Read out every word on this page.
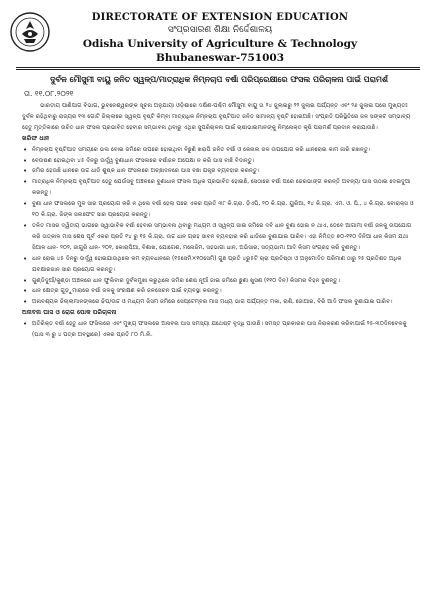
DIRECTORATE OF EXTENSION EDUCATION
ସଂପ୍ରସାରଣ ଶିକ୍ଷା ନିର୍ଦ୍ଦେଶାଳୟ
Odisha University of Agriculture & Technology
Bhubaneswar-751003
ଦୁର୍ବଳ ମୌସୁମୀ ବାୟୁ ଜନିତ ସ୍ୱଳ୍ପ/ମାତ୍ରାଧିକ ନିମ୍ନଚାପ ବର୍ଷା ପରିପ୍ରେକ୍ଷୀରେ ଫସଲ ପରିଚାଳନା ପାଇଁ ପରାମର୍ଶ
ତା. ୧୧.୦୮.୨୦୨୧

ଭାରତୀୟ ପାଣିପାଗ ବିଭାଗ, ଭୁବନେଶ୍ୱରଙ୍କ ସୂଚନା ଅନୁଯାୟୀ ଓଡ଼ିଶାରେ ଦକ୍ଷିଣ-ପଶ୍ଚିମ ମୌସୁମୀ ବାୟୁ ତା ୨୪ ଜୁଲାଇରୁ ୨୨ ଜୁଲାଇ ପର୍ଯ୍ୟନ୍ତ ଏବଂ ୨୬ ଜୁଲାଇ ପରେ ମୁଖ୍ୟତଃ ଦୁର୍ବଳ ରହିଥିବାରୁ ରାଜ୍ୟର ୧୩ ଗୋଟି ଜିଲ୍ଲାରେ ସ୍ୱଳ୍ପ ବୃଷ୍ଟି କିମ୍ବା ମାତ୍ରାଧିକ ନିମ୍ନଚାପ ବୃଷ୍ଟିପାତ ଜନିତ ସାମାନ୍ୟ ବୃଷ୍ଟି ହୋଇଅଛି। ସଂପ୍ରତି ପରିସ୍ଥିତିରେ ଜଳ ସଙ୍କଟ ସମ୍ଭାବ୍ୟ ହେତୁ ମୃତ୍ତିକାରେ ଉଚିତ ଧାନ ଫସଲ ପ୍ରଭାବିତ ହେବାର ସମ୍ଭାବନା ଥିବାରୁ ଏଥିର ସୁପରିଚାଳନା ପାଇଁ ଚାଷୀଭାଇମାନଙ୍କୁ ନିମ୍ନୋକ୍ତ କୃଷି ପରାମର୍ଶ ପ୍ରଦାନ କରାଯାଉଛି।

ଖରିଫ ଧାନ

• ନିମ୍ନଚାପ ବୃଷ୍ଟିପାତ ସମୟରେ ଭଲ ବୋଇ ଜମିରେ ଉପରେ ହୋଇଥିବା ବିଛୁଣି ଖରାପି ଜନିତ ବର୍ଷା ଓ କେନାଲ ଜଳ ଉପଯୋଗ କରି ଧାନରୋଇ କାମ ଜାରି ରଖନ୍ତୁ।

• ବେଉଷଣ ହୋଇଥିବା ୪୫ ଦିନରୁ ଊର୍ଦ୍ଧ୍ୱ ବୁଣାଧାନ ଫସଲରେ ବର୍ଷାଜଳ ଅପେକ୍ଷା ନ କରି ଘାସ ବାଛି ବିଦାନ୍ତୁ।

• ଜମିର ହେଉଛି ଧାନରେ ଉଚ୍ଚ ଧାଡି ଶୁଷ୍କ ଧାନ ଫସଲରେ ଅଚ୍ଛାଦନରେ ଘାସ ବଛା ଯନ୍ତ୍ର ବ୍ୟବହାର କରନ୍ତୁ।

• ମାତ୍ରାଧିକ ନିମ୍ନଚାପ ବୃଷ୍ଟିପାତ ହେତୁ ଯେଉଁସବୁ ଅଞ୍ଚଳରେ ବୁଣାଧାନ ଫସଲ ଅଧିକ ପ୍ରଭାବିତ ହୋଇଛି, ସେଠାରେ ବର୍ଷା ପରେ ଜେରଭାଙ୍ଗ କରନ୍ତି ଅବନ୍ୟା ଘାସ ଉଠାଇ ଦେଇଦୁଆ କରନ୍ତୁ।

• ବୁଣା ଧାନ ଫସଲରେ ମୁଳ ସାର ପ୍ରୟୋଗ କରି ନ ଥିଲେ ବର୍ଷା ହେଲା ପରେ ଏକର ପ୍ରତି ୩୮ କି.ଗ୍ରା. ଡ଼ିଏପି, ୨୦ କି.ଗ୍ରା. ୟୁରିଆ, ୧୪ କି.ଗ୍ରା. ଏମ. ଓ. ପି., ୪ କି.ଗ୍ରା. ବୋରାକ୍ସ ଓ ୧୦ କି.ଗ୍ରା. ଜିଙ୍କ ସଲଫେଟ ସାର ପ୍ରୟୋଗ କରନ୍ତୁ।

• ତଳିତ ମାସର ଦ୍ୱିତୀୟ ଭାଗରେ ସ୍ୱାଭାବିକ ବର୍ଷା ହେବାର ସମ୍ଭାବନା ଥିବାରୁ ମଧ୍ୟମ ଓ ସ୍ୱଳ୍ପ ଜାଇ ଜମିରେ ଦବି ଧାନ ବୁଣା ହୋଇ ନ ଥାଏ, ତେବେ ଆଗାମୀ ବର୍ଷା ଜଳକୁ ଉପଯୋଗ କରି ତାତ୍କାଳ ମାସ ଶେଷ ପୂର୍ବ ଏକର ପ୍ରତି ୧୪ ରୁ ୧୫ କି.ଗ୍ରା. ଉଚ୍ଚ ଧାନ ଗ୍ରହ ସାବନ ବ୍ୟବହାର କରି ଧାଡିରେ ବୁଣାଯାଇ ପାରିବ। ଏହା ନିମିତ୍ତ ୭୦-୧୧୦ ଦିନିଆ ଧାନ କିସମ ଯଥା ସିଆଳ ଧାନ- ୨୦୨, ଜାଗୁରି ଧାନ- ୨୦୧, କୋରାପିଆ, ବିଶାଖ, ଯୋଗେଶ, ମନୋଜିମ, ସହଭାଗୀ ଧାନ, ଅଭିସାର, ସତ୍ୟଭାମା ଆଦି କିସମ ସଂଗ୍ରହ କରି ବୁଣନ୍ତୁ।

• ଧାନ ରୋଇ ୪୫ ଦିନରୁ ଊର୍ଦ୍ଧ୍ୱ ହୋଇଯାଉଥିଲେ କମ ବ୍ୟବଧାନରେ (୧୫ସେମି×୧୦ସେମି) ଗୁଛ ପ୍ରତି ୪ରୁ୫ଟି ଚାରା ପ୍ରତିଷ୍ଠା ଓ ଅନୁମୋଦିତ ପରିମାଣ ଠାରୁ ୨୫ ପ୍ରତିଶତ ଅଧିକ ଯବକ୍ଷାରଜାନ ସାର ପ୍ରୟୋଗ କରନ୍ତୁ।

• ଗୁଣ୍ଡିଦୁଆଁ/କୁଣ୍ଡା ଅଞ୍ଚଳରେ ଧାନ ଫୁଲିବାର ଦୁର୍ବଳମୁଖୀ କରୁଥିଲେ ଜମିର ଶେଷ ନୂଆଁ ଜାଇ ଜମିରେ ଛୁଣା ଖୁସଣ (୧୧୦ ଦିନ) କିସମର ବିହନ ବୁଣନ୍ତୁ।

• ଧାନ କ୍ଷେତ୍ର ଗୁଡ଼ୁମାରାରେ ବର୍ଷା ଜଳକୁ ସଂରକ୍ଷଣ କରି ଜଳସେଚନ ପାଇଁ ବ୍ୟବସ୍ଥା କରନ୍ତୁ।

• ଅନାବଶ୍ୟକ ଜିଲ୍ଲାମାନଙ୍କରେ ଢିପ/ଉଚ୍ଚ ଓ ମଧ୍ୟମ ଜିସମ ଜମିରେ ସେପ୍ଟେମ୍ବର ମାସ ମଧ୍ୟ ଭାଗ ପର୍ଯ୍ୟନ୍ତ ମକା, ରାଶି, ଜୋଆର, ବିରି ଆଦି ଫସଲ ବୁଣାଯାଇ ପାରିବ।

ଅନାବନା ଘାସ ଓ ରୋଗ ପୋକ ପରିଚାଳନା

• ଅତିରିକ୍ତ ବର୍ଷା ହେତୁ ଧାନ ଫସିଲରେ ଏବଂ ମୁଖ୍ୟ ଫସଲରେ ଅନାବନା ଘାସ ସମସ୍ୟା ଯଥେଷ୍ଟ ବୃଦ୍ଧି ପାଉଛି। ସମସ୍ତ ପ୍ରକାରର ଘାସ ନିରାକରଣ କରିବାପାଇଁ ୨୫-୩୦ଦିନବେଳକୁ (ଘାସ ୩ ରୁ ୪ ପତ୍ର ଅବସ୍ଥାରେ) ଏକର ପ୍ରତି ୮୦ ମି.ଲି.
